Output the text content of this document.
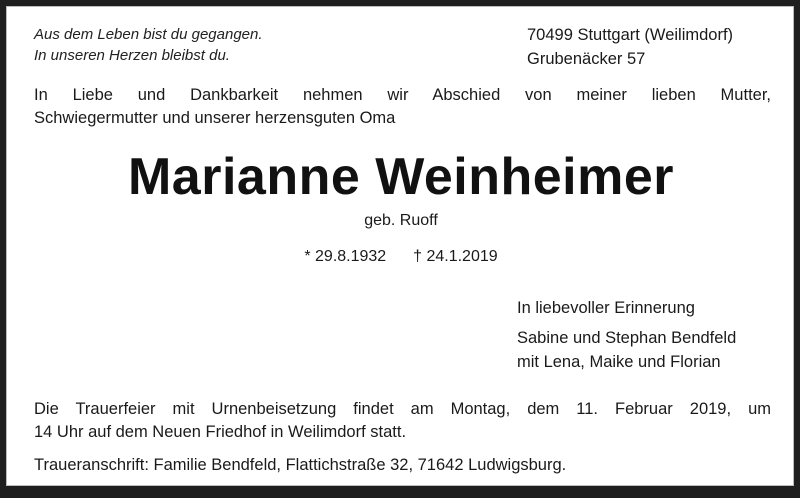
Aus dem Leben bist du gegangen.
In unseren Herzen bleibst du.
70499 Stuttgart (Weilimdorf)
Grubenäcker 57
In Liebe und Dankbarkeit nehmen wir Abschied von meiner lieben Mutter,
Schwiegermutter und unserer herzensguten Oma
Marianne Weinheimer
geb. Ruoff
* 29.8.1932 † 24.1.2019
In liebevoller Erinnerung
Sabine und Stephan Bendfeld
mit Lena, Maike und Florian
Die Trauerfeier mit Urnenbeisetzung findet am Montag, dem 11. Februar 2019, um
14 Uhr auf dem Neuen Friedhof in Weilimdorf statt.
Traueranschrift: Familie Bendfeld, Flattichstraße 32, 71642 Ludwigsburg.
